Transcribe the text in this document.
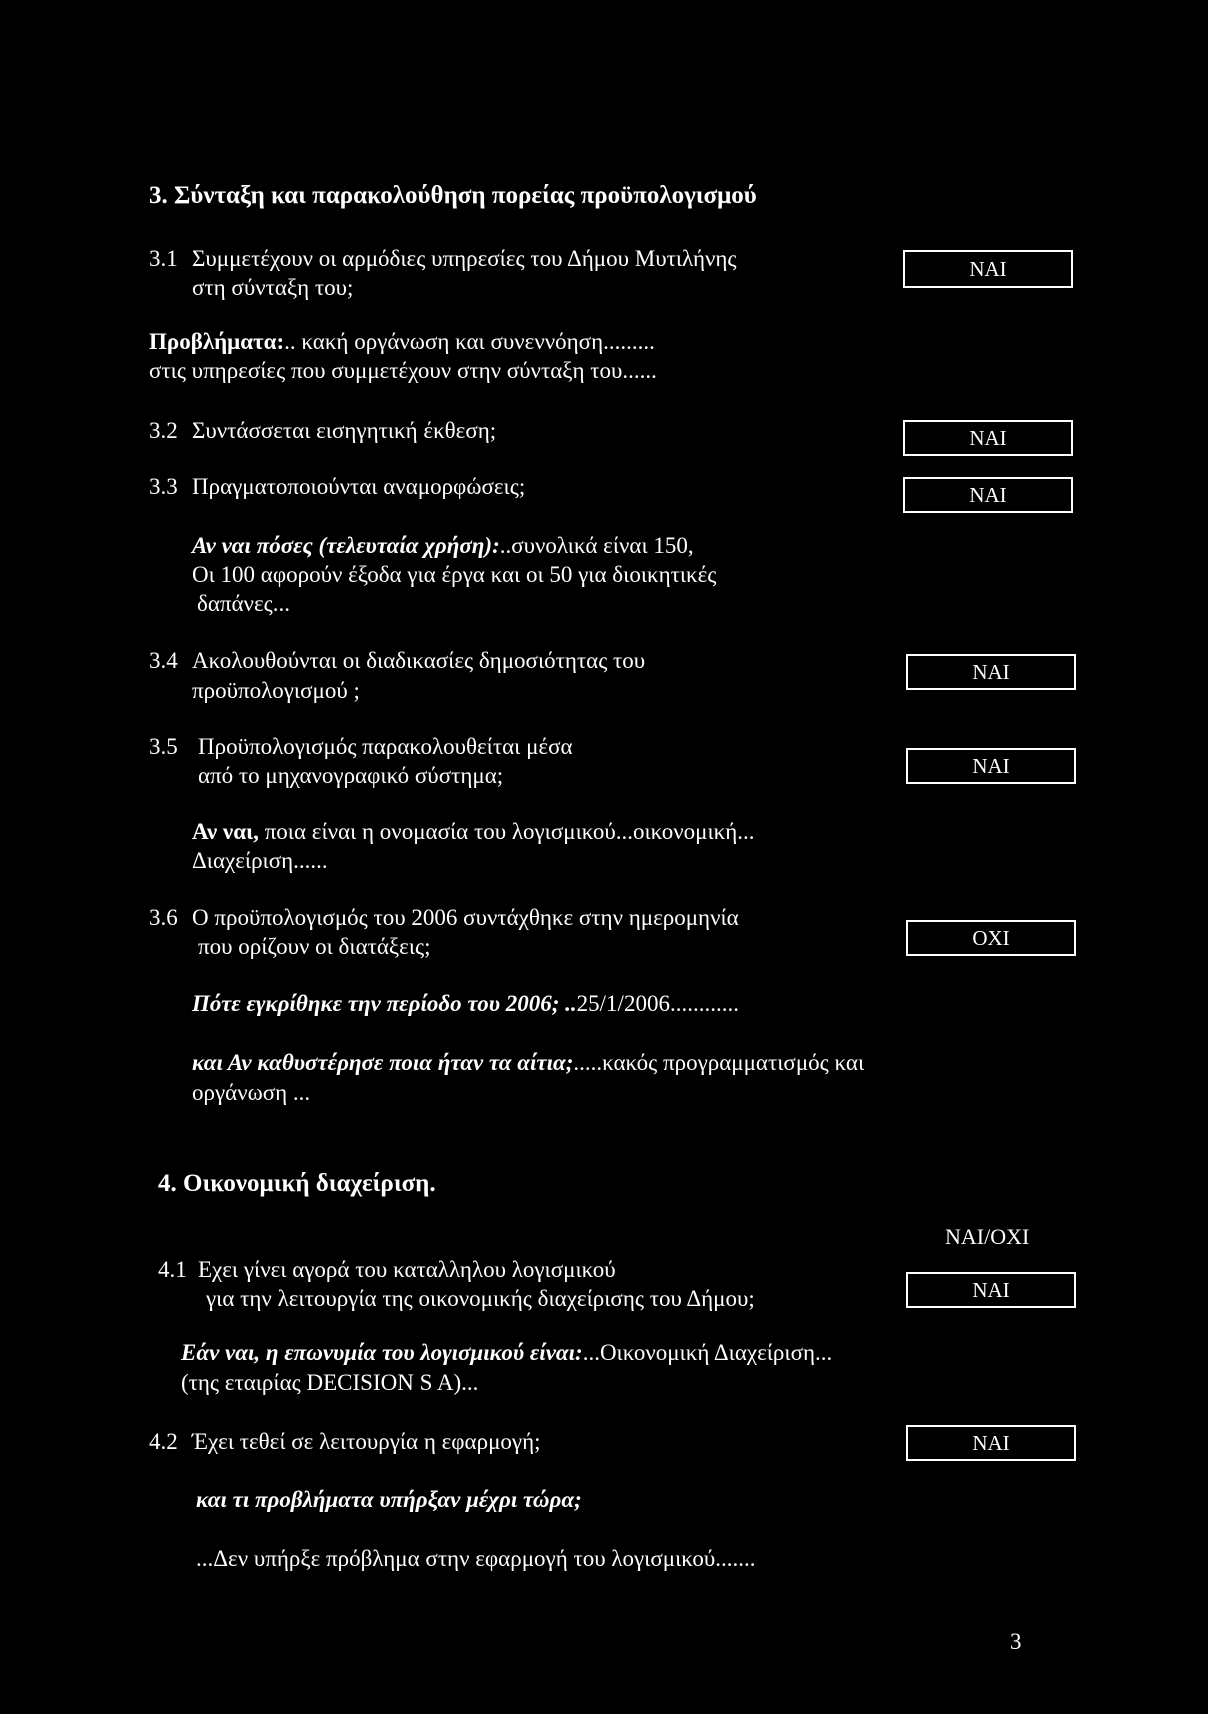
3. Σύνταξη και παρακολούθηση πορείας προϋπολογισμού
3.1 Συμμετέχουν οι αρμόδιες υπηρεσίες του Δήμου Μυτιλήνης
στη σύνταξη του;
ΝΑΙ
Προβλήματα:.. κακή οργάνωση και συνεννόηση.........
στις υπηρεσίες που συμμετέχουν στην σύνταξη του......
3.2 Συντάσσεται εισηγητική έκθεση;	ΝΑΙ
3.3 Πραγματοποιούνται αναμορφώσεις;	ΝΑΙ
Αν ναι πόσες (τελευταία χρήση):..συνολικά είναι 150,
Οι 100 αφορούν έξοδα για έργα και οι 50 για διοικητικές
δαπάνες...
3.4 Ακολουθούνται οι διαδικασίες δημοσιότητας του
προϋπολογισμού ;
ΝΑΙ
3.5 Προϋπολογισμός παρακολουθείται μέσα
από το μηχανογραφικό σύστημα;	ΝΑΙ
Αν ναι, ποια είναι η ονομασία του λογισμικού...οικονομική...
Διαχείριση......
3.6 Ο προϋπολογισμός του 2006 συντάχθηκε στην ημερομηνία
που ορίζουν οι διατάξεις;	ΟΧΙ
Πότε εγκρίθηκε την περίοδο του 2006; ..25/1/2006............
και Αν καθυστέρησε ποια ήταν τα αίτια;.....κακός προγραμματισμός και
οργάνωση ...
4. Οικονομική διαχείριση.
ΝΑΙ/ΟΧΙ
4.1 Εχει γίνει αγορά του καταλληλου λογισμικού
για την λειτουργία της οικονομικής διαχείρισης του Δήμου;	ΝΑΙ
Εάν ναι, η επωνυμία του λογισμικού είναι:...Οικονομική Διαχείριση...
(της εταιρίας DECISION S A)...
4.2 Έχει τεθεί σε λειτουργία η εφαρμογή;	ΝΑΙ
και τι προβλήματα υπήρξαν μέχρι τώρα;
...Δεν υπήρξε πρόβλημα στην εφαρμογή του λογισμικού.......
3
